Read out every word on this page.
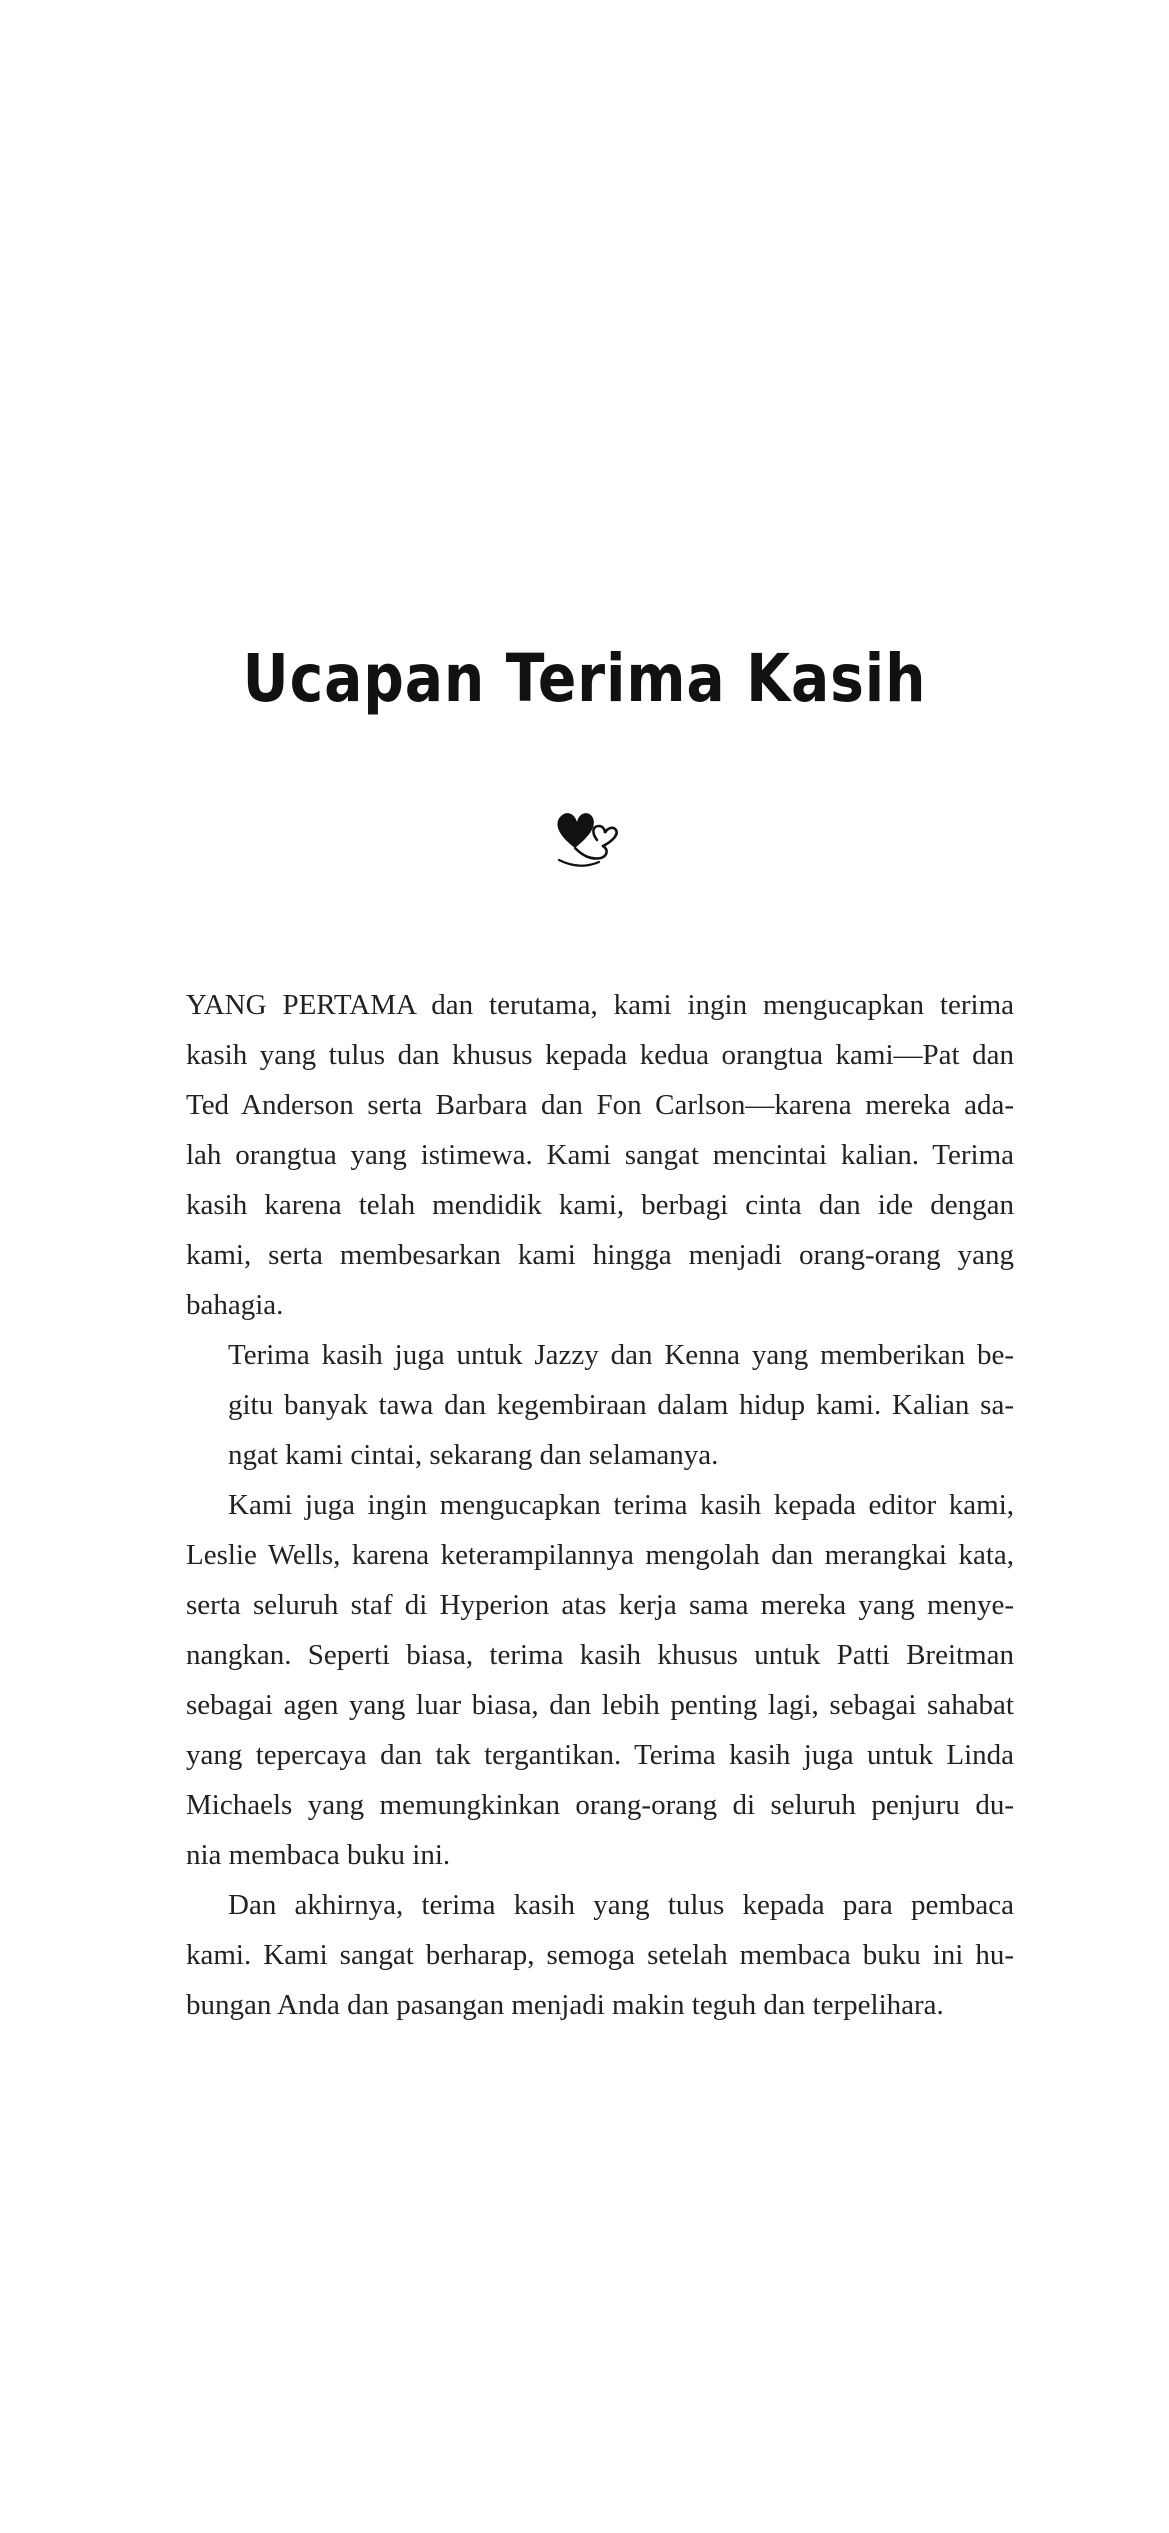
Ucapan Terima Kasih

YANG PERTAMA dan terutama, kami ingin mengucapkan terima
kasih yang tulus dan khusus kepada kedua orangtua kami—Pat dan
Ted Anderson serta Barbara dan Fon Carlson—karena mereka ada-
lah orangtua yang istimewa. Kami sangat mencintai kalian. Terima
kasih karena telah mendidik kami, berbagi cinta dan ide dengan
kami, serta membesarkan kami hingga menjadi orang-orang yang
bahagia.

Terima kasih juga untuk Jazzy dan Kenna yang memberikan be-
gitu banyak tawa dan kegembiraan dalam hidup kami. Kalian sa-
ngat kami cintai, sekarang dan selamanya.

Kami juga ingin mengucapkan terima kasih kepada editor kami,
Leslie Wells, karena keterampilannya mengolah dan merangkai kata,
serta seluruh staf di Hyperion atas kerja sama mereka yang menye-
nangkan. Seperti biasa, terima kasih khusus untuk Patti Breitman
sebagai agen yang luar biasa, dan lebih penting lagi, sebagai sahabat
yang tepercaya dan tak tergantikan. Terima kasih juga untuk Linda
Michaels yang memungkinkan orang-orang di seluruh penjuru du-
nia membaca buku ini.

Dan akhirnya, terima kasih yang tulus kepada para pembaca
kami. Kami sangat berharap, semoga setelah membaca buku ini hu-
bungan Anda dan pasangan menjadi makin teguh dan terpelihara.
